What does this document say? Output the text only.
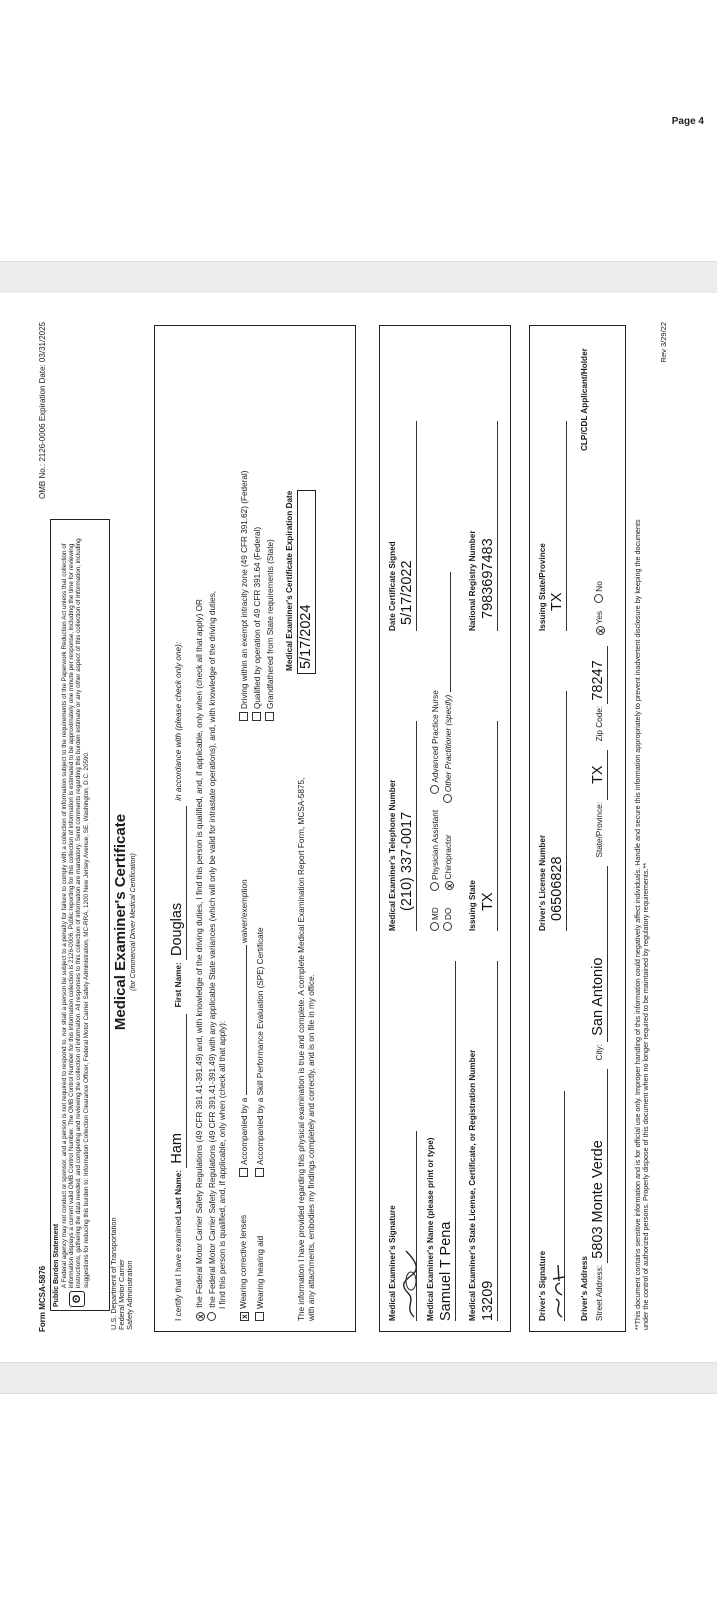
Page 4
Form MCSA-5876
OMB No.: 2126-0006 Expiration Date: 03/31/2025
Public Burden Statement A Federal agency may not conduct or sponsor, and a person is not required to respond to, nor shall a person be subject to a penalty for failure to comply with a collection of information subject to the requirements of the Paperwork Reduction Act unless that collection of information displays a current valid OMB Control Number. The OMB Control Number for this information collection is 2126-0006. Public reporting for this collection of information is estimated to be approximately one minute per response, including the time for reviewing instructions, gathering the data needed, and completing and reviewing the collection of information. All responses to this collection of information are mandatory. Send comments regarding this burden estimate or any other aspect of this collection of information, including suggestions for reducing this burden to: Information Collection Clearance Officer, Federal Motor Carrier Safety Administration, MC-RRA, 1200 New Jersey Avenue, SE, Washington, D.C. 20590.
ʘ	U.S. Department of Transportation
Federal Motor Carrier
Safety Administration
Medical Examiner's Certificate (for Commercial Driver Medical Certification)
I certify that I have examined Last Name: Ham First Name: Douglas in accordance with (please check only one):
x the Federal Motor Carrier Safety Regulations (49 CFR 391.41-391.49) and, with knowledge of the driving duties, I find this person is qualified, and, if applicable, only when (check all that apply) OR the Federal Motor Carrier Safety Regulations (49 CFR 391.41-391.49) with any applicable State variances (which will only be valid for intrastate operations), and, with knowledge of the driving duties, I find this person is qualified, and, if applicable, only when (check all that apply):
xWearing corrective lenses Wearing hearing aid
Accompanied by a  waiver/exemption
Accompanied by a Skill Performance Evaluation (SPE) Certificate
Driving within an exempt intracity zone (49 CFR 391.62) (Federal) Qualified by operation of 49 CFR 391.64 (Federal) Grandfathered from State requirements (State)
The information I have provided regarding this physical examination is true and complete. A complete Medical Examination Report Form, MCSA-5875, with any attachments, embodies my findings completely and correctly, and is on file in my office.
Medical Examiner's Certificate Expiration Date 5/17/2024
Medical Examiner's Signature
Medical Examiner's Telephone Number (210) 337-0017
Date Certificate Signed 5/17/2022
Medical Examiner's Name (please print or type) Samuel T Pena
MD Physician Assistant Advanced Practice Nurse
DO xChiropractor Other Practitioner (specify)
Medical Examiner's State License, Certificate, or Registration Number 13209
Issuing State TX
National Registry Number 7983697483
Driver's Signature
Driver's License Number 06506828
Issuing State/Province TX
Driver's Address
CLP/CDL Applicant/Holder
Street Address: 5803 Monte Verde City: San Antonio State/Province: TX Zip Code: 78247 xYes No	**This document contains sensitive information and is for official use only. Improper handling of this information could negatively affect individuals. Handle and secure this information appropriately to prevent inadvertent disclosure by keeping the documents under the control of authorized persons. Properly dispose of this document when no longer required to be maintained by regulatory requirements.**
Rev 3/29/22
